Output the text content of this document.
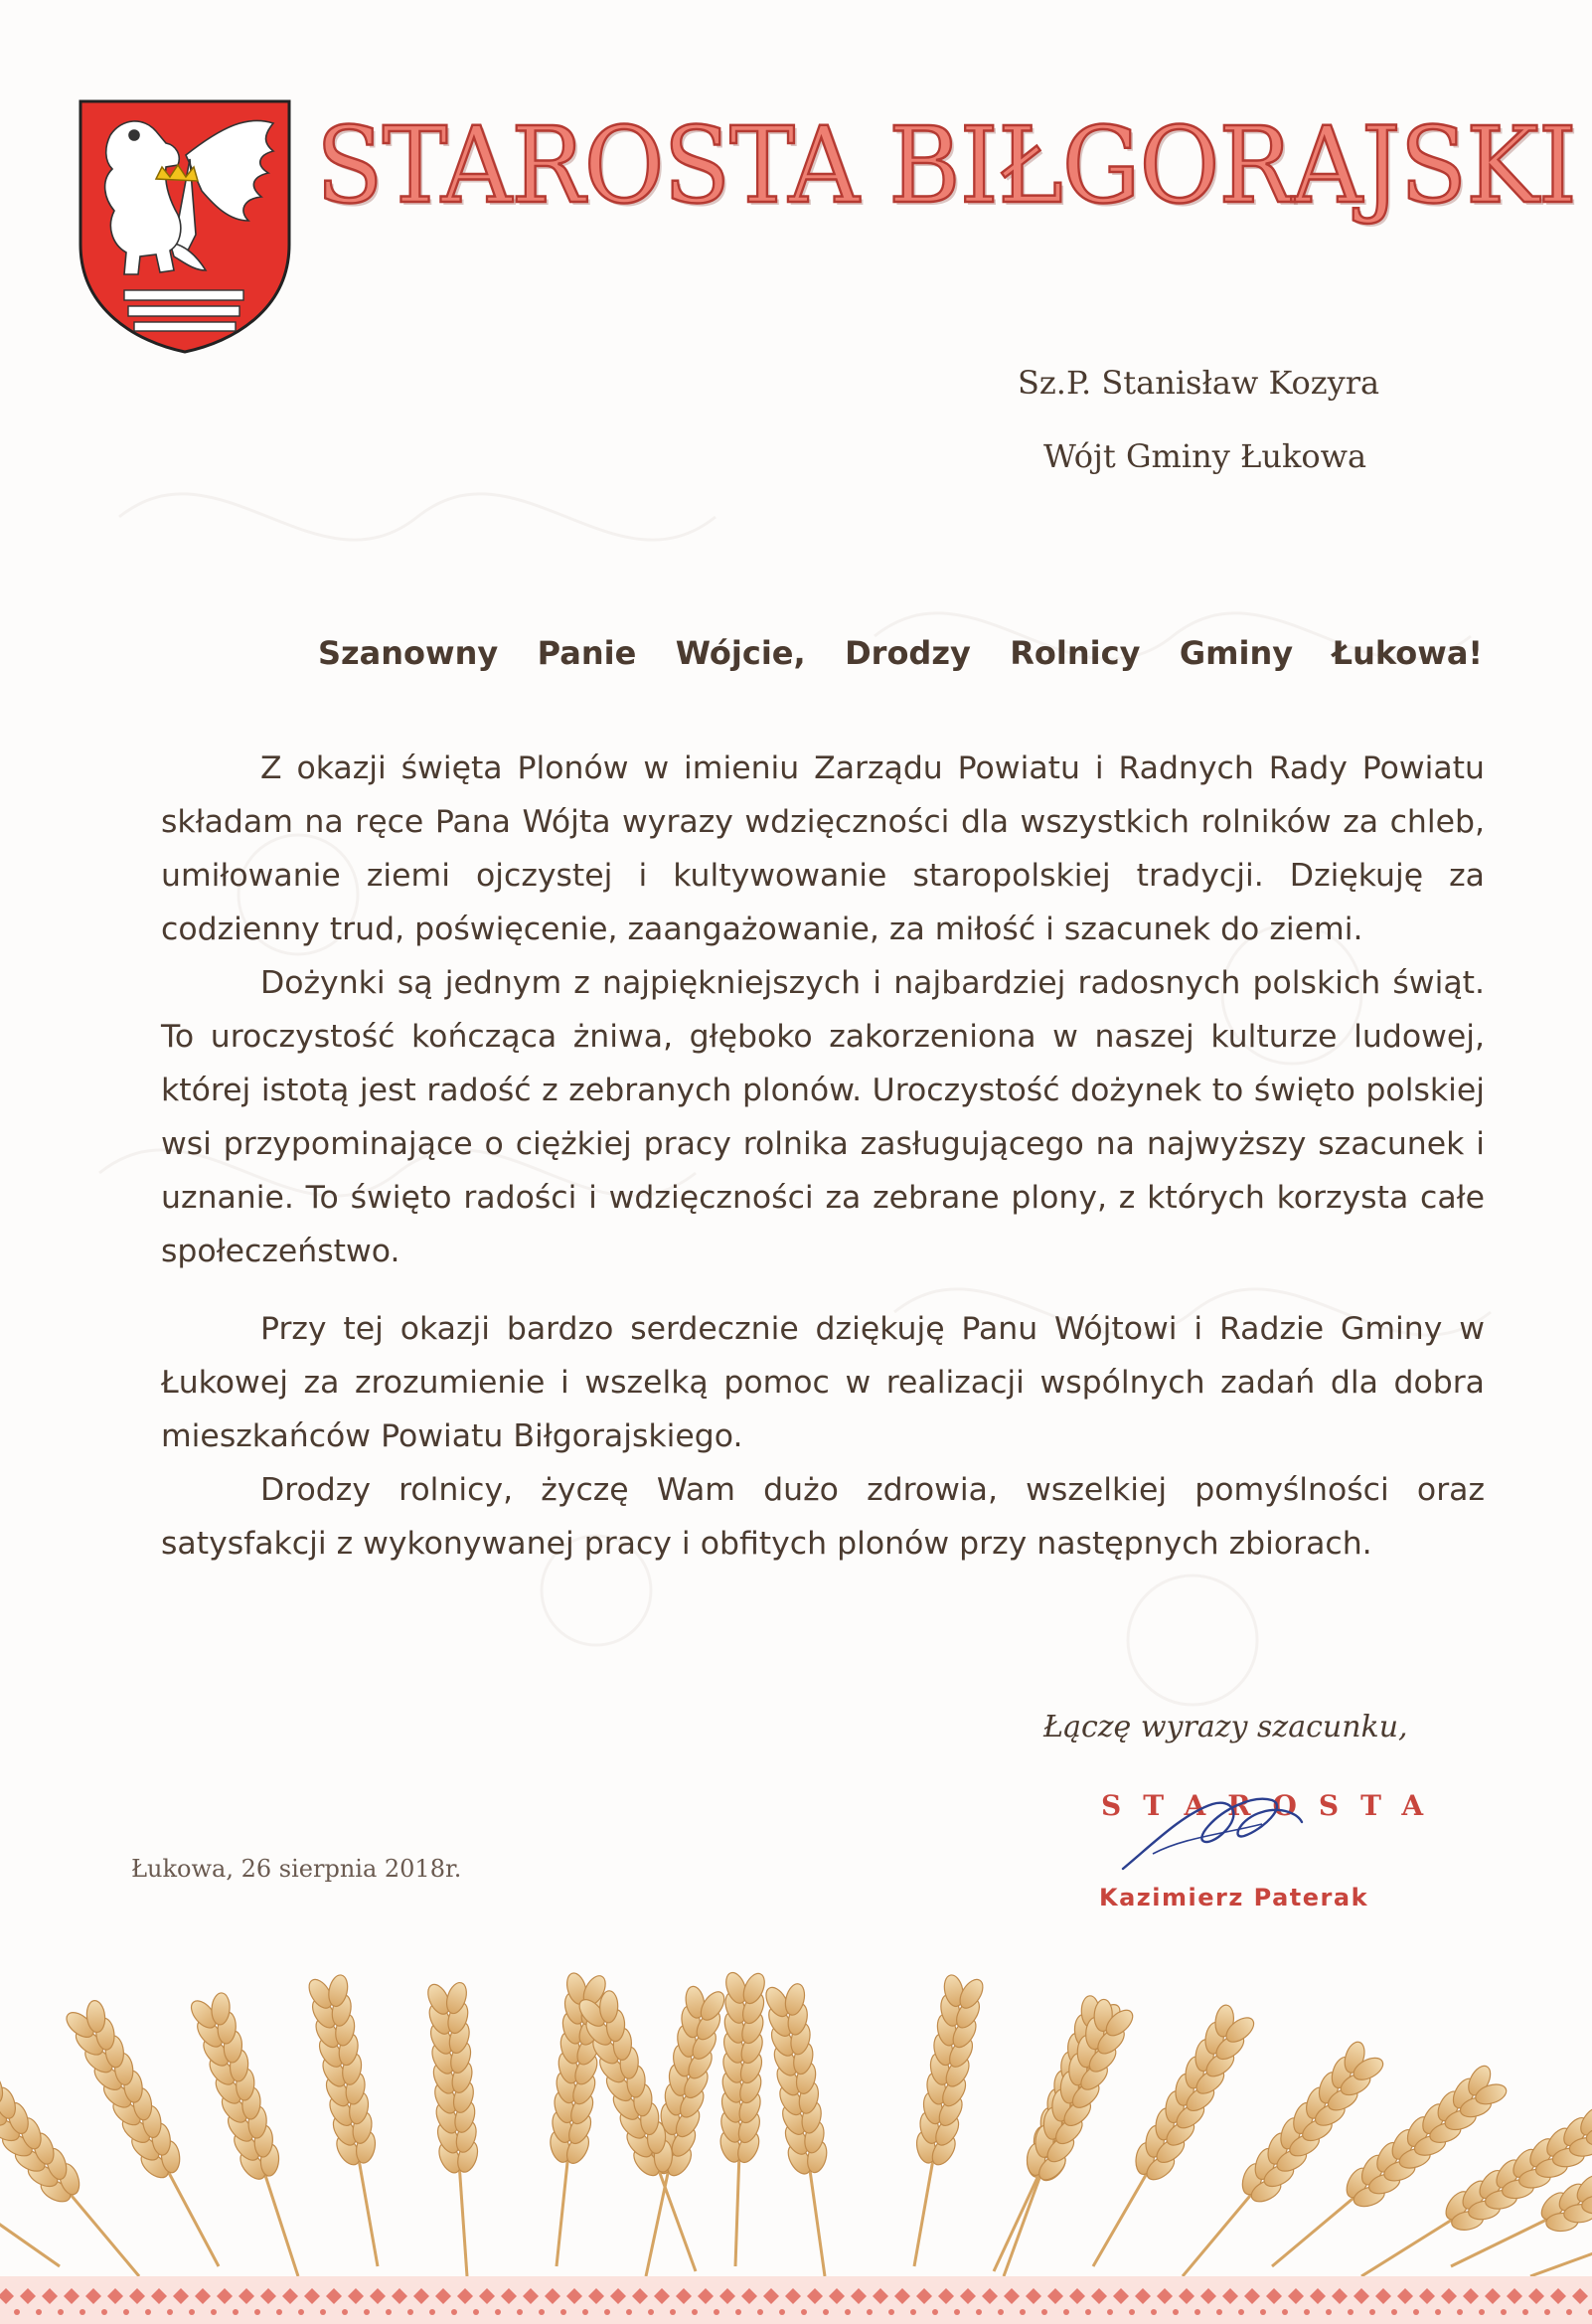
STAROSTA BIŁGORAJSKI
Sz.P. Stanisław Kozyra
Wójt Gminy Łukowa
Szanowny Panie Wójcie, Drodzy Rolnicy Gminy Łukowa!

Z okazji święta Plonów w imieniu Zarządu Powiatu i Radnych Rady Powiatu składam na ręce Pana Wójta wyrazy wdzięczności dla wszystkich rolników za chleb, umiłowanie ziemi ojczystej i kultywowanie staropolskiej tradycji. Dziękuję za codzienny trud, poświęcenie, zaangażowanie, za miłość i szacunek do ziemi.

Dożynki są jednym z najpiękniejszych i najbardziej radosnych polskich świąt. To uroczystość kończąca żniwa, głęboko zakorzeniona w naszej kulturze ludowej, której istotą jest radość z zebranych plonów. Uroczystość dożynek to święto polskiej wsi przypominające o ciężkiej pracy rolnika zasługującego na najwyższy szacunek i uznanie. To święto radości i wdzięczności za zebrane plony, z których korzysta całe społeczeństwo.

Przy tej okazji bardzo serdecznie dziękuję Panu Wójtowi i Radzie Gminy w Łukowej za zrozumienie i wszelką pomoc w realizacji wspólnych zadań dla dobra mieszkańców Powiatu Biłgorajskiego.

Drodzy rolnicy, życzę Wam dużo zdrowia, wszelkiej pomyślności oraz satysfakcji z wykonywanej pracy i obfitych plonów przy następnych zbiorach.

Łączę wyrazy szacunku,
STAROSTA
Kazimierz Paterak
Łukowa, 26 sierpnia 2018r.
